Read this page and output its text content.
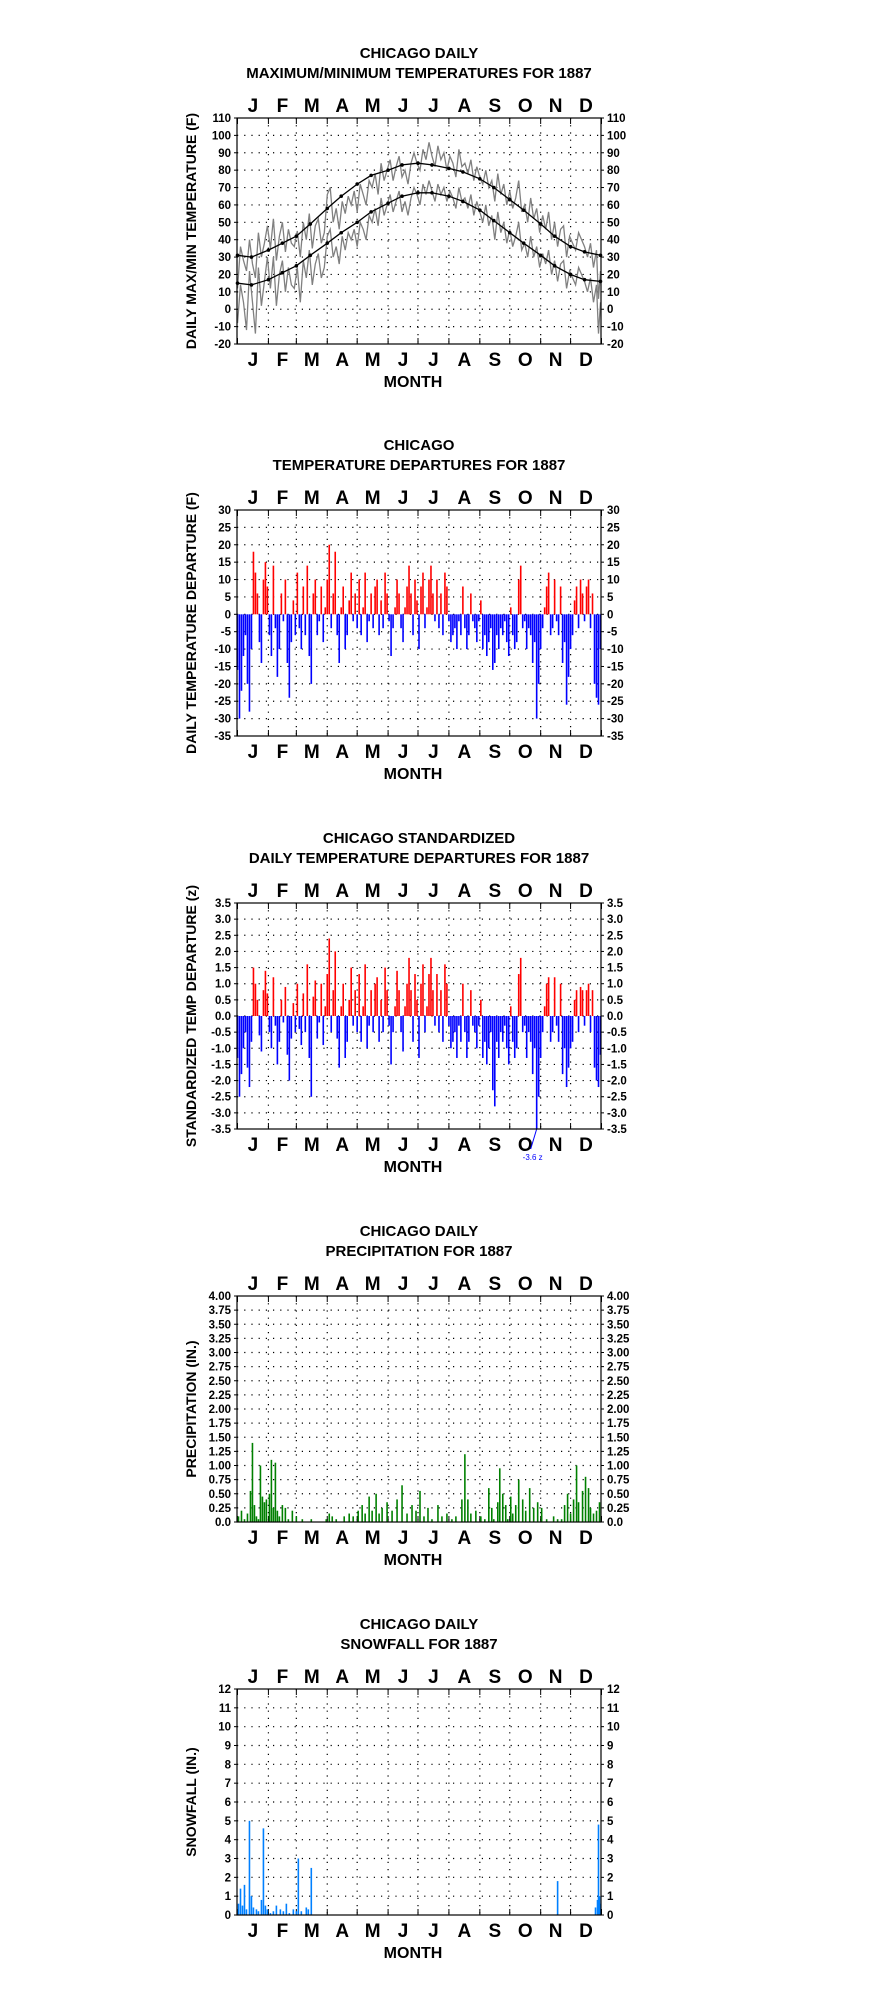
CHICAGO DAILY
MAXIMUM/MINIMUM TEMPERATURES FOR 1887
-20	-20
-10	-10
0	0
10	10
20	20
30	30
40	40
50	50
60	60
70	70
80	80
90	90
100	100
110	110
J
J
F
F
M
M
A
A
M
M
J
J
J
J
A
A
S
S
O
O
N
N
D
D
MONTH
DAILY MAX/MIN TEMPERATURE (F)
CHICAGO
TEMPERATURE DEPARTURES FOR 1887
-35	-35
-30	-30
-25	-25
-20	-20
-15	-15
-10	-10
-5	-5
0	0
5	5
10	10
15	15
20	20
25	25
30	30
J
J
F
F
M
M
A
A
M
M
J
J
J
J
A
A
S
S
O
O
N
N
D
D
MONTH
DAILY TEMPERATURE DEPARTURE (F)
CHICAGO STANDARDIZED
DAILY TEMPERATURE DEPARTURES FOR 1887
-3.5	-3.5
-3.0	-3.0
-2.5	-2.5
-2.0	-2.0
-1.5	-1.5
-1.0	-1.0
-0.5	-0.5
0.0	0.0
0.5	0.5
1.0	1.0
1.5	1.5
2.0	2.0
2.5	2.5
3.0	3.0
3.5	3.5
J
J
F
F
M
M
A
A
M
M
J
J
J
J
A
A
S
S
O
O
N
N
D
D
MONTH
STANDARDIZED TEMP DEPARTURE (z)
-3.6 z
CHICAGO DAILY
PRECIPITATION FOR 1887
0.0	0.0
0.25	0.25
0.50	0.50
0.75	0.75
1.00	1.00
1.25	1.25
1.50	1.50
1.75	1.75
2.00	2.00
2.25	2.25
2.50	2.50
2.75	2.75
3.00	3.00
3.25	3.25
3.50	3.50
3.75	3.75
4.00	4.00
J
J
F
F
M
M
A
A
M
M
J
J
J
J
A
A
S
S
O
O
N
N
D
D
MONTH
PRECIPITATION (IN.)
CHICAGO DAILY
SNOWFALL FOR 1887
0	0
1	1
2	2
3	3
4	4
5	5
6	6
7	7
8	8
9	9
10	10
11	11
12	12
J
J
F
F
M
M
A
A
M
M
J
J
J
J
A
A
S
S
O
O
N
N
D
D
MONTH
SNOWFALL (IN.)
